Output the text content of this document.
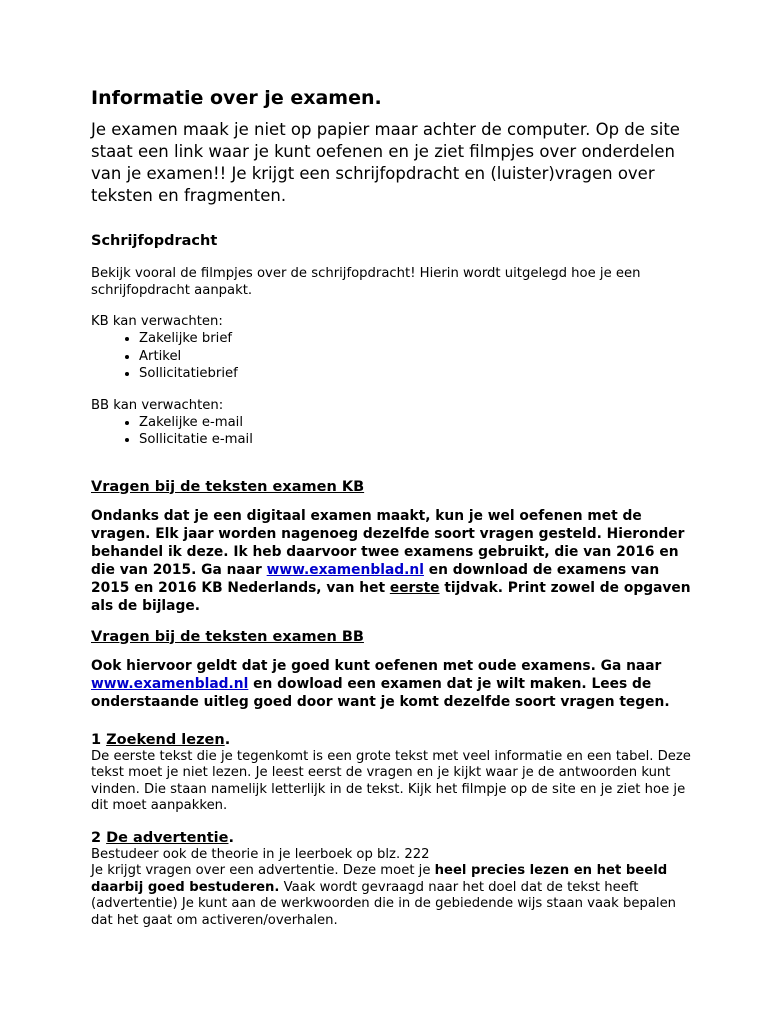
Informatie over je examen.

Je examen maak je niet op papier maar achter de computer. Op de site staat een link waar je kunt oefenen en je ziet filmpjes over onderdelen van je examen!! Je krijgt een schrijfopdracht en (luister)vragen over teksten en fragmenten.

Schrijfopdracht

Bekijk vooral de filmpjes over de schrijfopdracht! Hierin wordt uitgelegd hoe je een schrijfopdracht aanpakt.

KB kan verwachten:

• Zakelijke brief
• Artikel
• Sollicitatiebrief

BB kan verwachten:

• Zakelijke e-mail
• Sollicitatie e-mail
Vragen bij de teksten examen KB

Ondanks dat je een digitaal examen maakt, kun je wel oefenen met de vragen. Elk jaar worden nagenoeg dezelfde soort vragen gesteld. Hieronder behandel ik deze. Ik heb daarvoor twee examens gebruikt, die van 2016 en die van 2015. Ga naar www.examenblad.nl en download de examens van 2015 en 2016 KB Nederlands, van het eerste tijdvak. Print zowel de opgaven als de bijlage.

Vragen bij de teksten examen BB

Ook hiervoor geldt dat je goed kunt oefenen met oude examens. Ga naar www.examenblad.nl en dowload een examen dat je wilt maken. Lees de onderstaande uitleg goed door want je komt dezelfde soort vragen tegen.

1 Zoekend lezen.

De eerste tekst die je tegenkomt is een grote tekst met veel informatie en een tabel. Deze tekst moet je niet lezen. Je leest eerst de vragen en je kijkt waar je de antwoorden kunt vinden. Die staan namelijk letterlijk in de tekst. Kijk het filmpje op de site en je ziet hoe je dit moet aanpakken.

2 De advertentie.

Bestudeer ook de theorie in je leerboek op blz. 222

Je krijgt vragen over een advertentie. Deze moet je heel precies lezen en het beeld daarbij goed bestuderen. Vaak wordt gevraagd naar het doel dat de tekst heeft (advertentie) Je kunt aan de werkwoorden die in de gebiedende wijs staan vaak bepalen dat het gaat om activeren/overhalen.
